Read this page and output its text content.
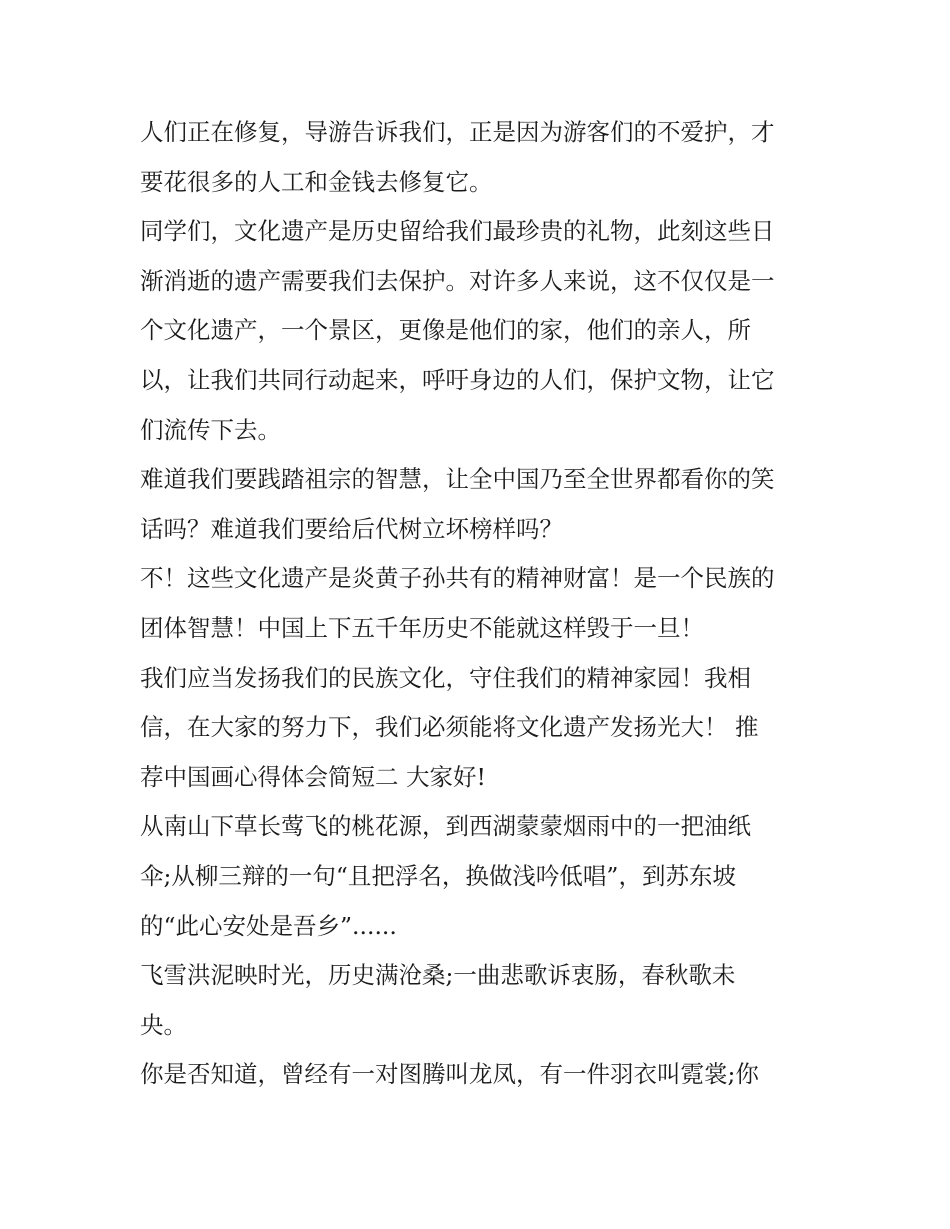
人们正在修复，导游告诉我们，正是因为游客们的不爱护，才
要花很多的人工和金钱去修复它。
同学们，文化遗产是历史留给我们最珍贵的礼物，此刻这些日
渐消逝的遗产需要我们去保护。对许多人来说，这不仅仅是一
个文化遗产，一个景区，更像是他们的家，他们的亲人，所
以，让我们共同行动起来，呼吁身边的人们，保护文物，让它
们流传下去。
难道我们要践踏祖宗的智慧，让全中国乃至全世界都看你的笑
话吗？难道我们要给后代树立坏榜样吗？
不！这些文化遗产是炎黄子孙共有的精神财富！是一个民族的
团体智慧！中国上下五千年历史不能就这样毁于一旦！
我们应当发扬我们的民族文化，守住我们的精神家园！我相
信，在大家的努力下，我们必须能将文化遗产发扬光大！ 推
荐中国画心得体会简短二 大家好!
从南山下草长莺飞的桃花源，到西湖蒙蒙烟雨中的一把油纸
伞;从柳三辩的一句“且把浮名，换做浅吟低唱”，到苏东坡
的“此心安处是吾乡”......
飞雪洪泥映时光，历史满沧桑;一曲悲歌诉衷肠，春秋歌未
央。
你是否知道，曾经有一对图腾叫龙凤，有一件羽衣叫霓裳;你
